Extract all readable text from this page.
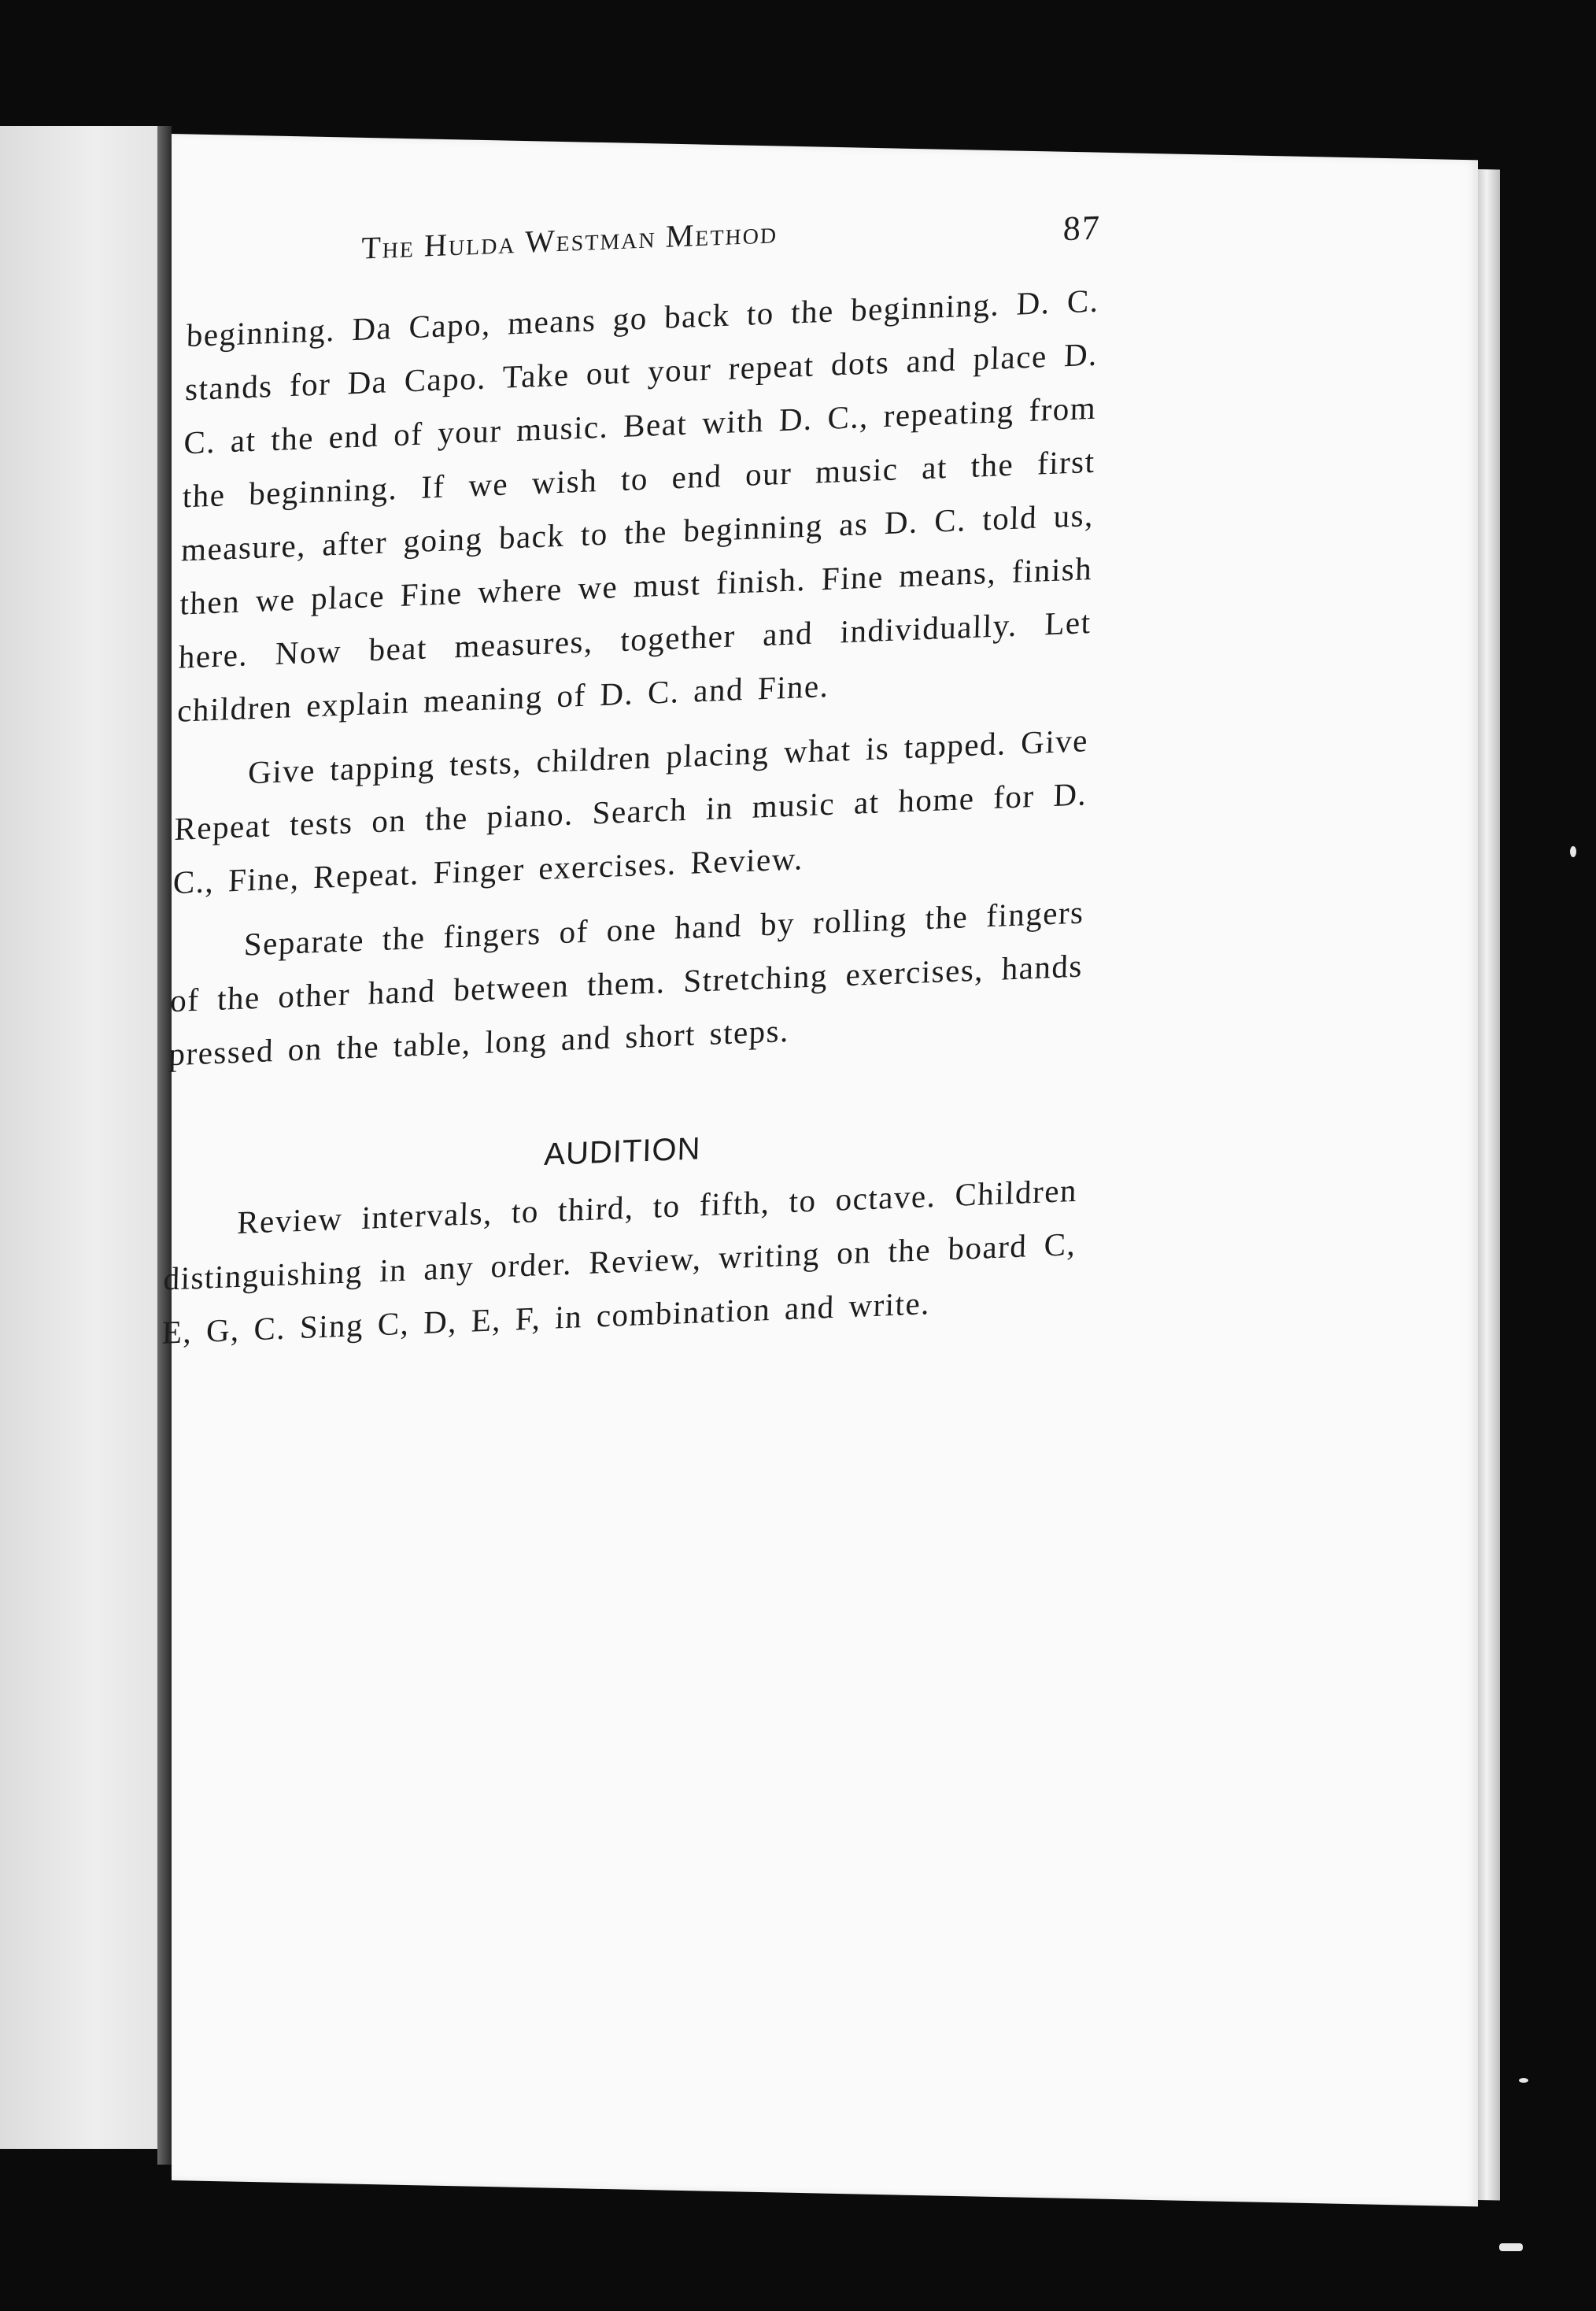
The Hulda Westman Method	87

beginning. Da Capo, means go back to the beginning. D. C. stands for Da Capo. Take out your repeat dots and place D. C. at the end of your music. Beat with D. C., repeating from the beginning. If we wish to end our music at the first measure, after going back to the beginning as D. C. told us, then we place Fine where we must finish. Fine means, finish here. Now beat measures, together and individually. Let children explain meaning of D. C. and Fine.

Give tapping tests, children placing what is tapped. Give Repeat tests on the piano. Search in music at home for D. C., Fine, Repeat. Finger exercises. Review.

Separate the fingers of one hand by rolling the fingers of the other hand between them. Stretching exercises, hands pressed on the table, long and short steps.

AUDITION

Review intervals, to third, to fifth, to octave. Children distinguishing in any order. Review, writing on the board C, E, G, C. Sing C, D, E, F, in combination and write.
